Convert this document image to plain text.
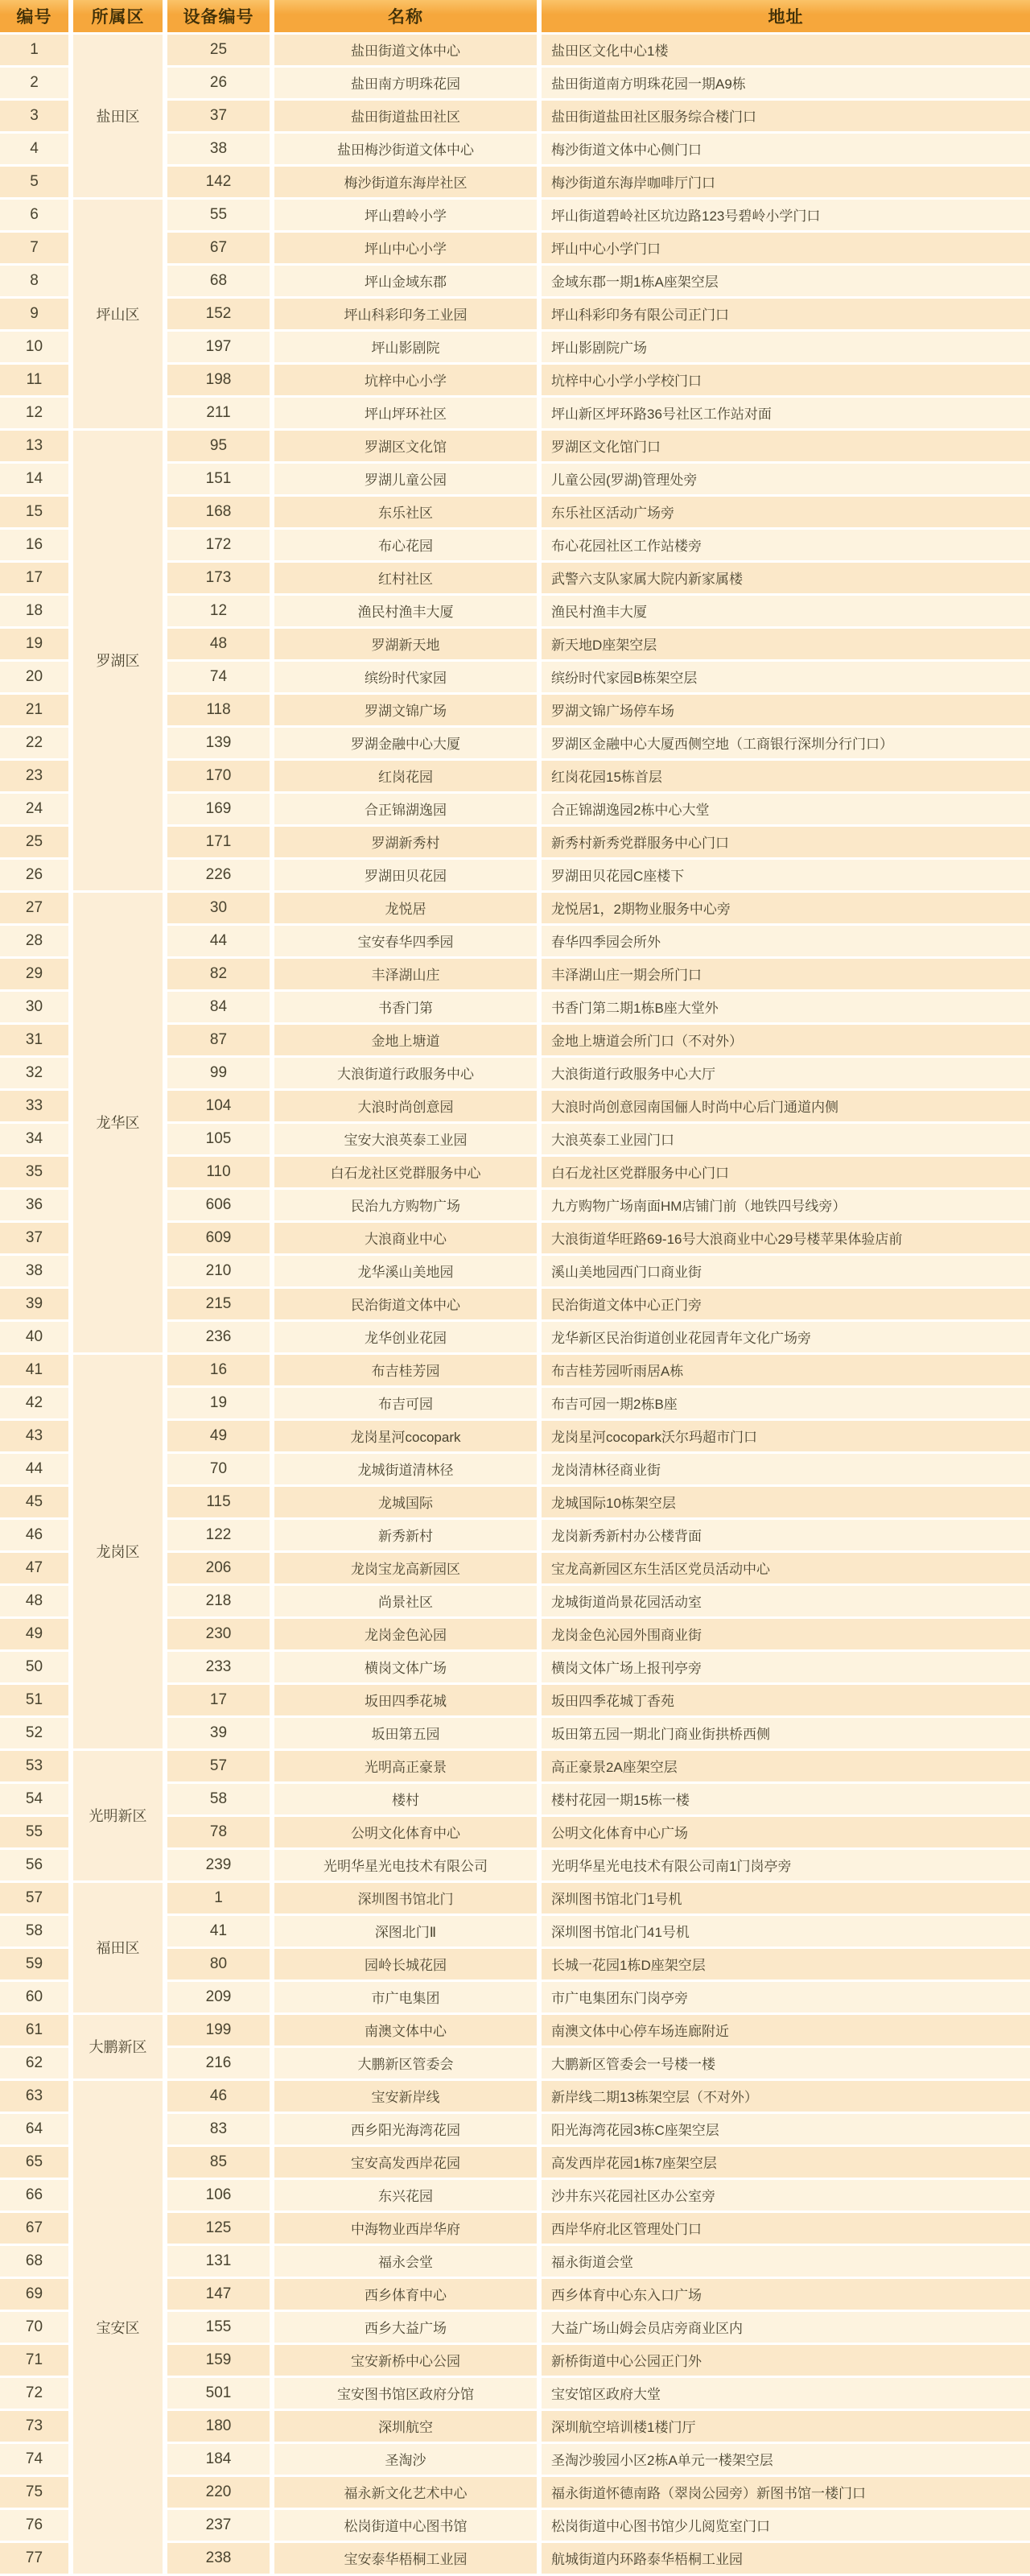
编号	所属区	设备编号	名称	地址
1	盐田区	25	盐田街道文体中心	盐田区文化中心1楼
2		26	盐田南方明珠花园	盐田街道南方明珠花园一期A9栋
3		37	盐田街道盐田社区	盐田街道盐田社区服务综合楼门口
4		38	盐田梅沙街道文体中心	梅沙街道文体中心侧门口
5		142	梅沙街道东海岸社区	梅沙街道东海岸咖啡厅门口
6	坪山区	55	坪山碧岭小学	坪山街道碧岭社区坑边路123号碧岭小学门口
7		67	坪山中心小学	坪山中心小学门口
8		68	坪山金域东郡	金域东郡一期1栋A座架空层
9		152	坪山科彩印务工业园	坪山科彩印务有限公司正门口
10		197	坪山影剧院	坪山影剧院广场
11		198	坑梓中心小学	坑梓中心小学小学校门口
12		211	坪山坪环社区	坪山新区坪环路36号社区工作站对面
13	罗湖区	95	罗湖区文化馆	罗湖区文化馆门口
14		151	罗湖儿童公园	儿童公园(罗湖)管理处旁
15		168	东乐社区	东乐社区活动广场旁
16		172	布心花园	布心花园社区工作站楼旁
17		173	红村社区	武警六支队家属大院内新家属楼
18		12	渔民村渔丰大厦	渔民村渔丰大厦
19		48	罗湖新天地	新天地D座架空层
20		74	缤纷时代家园	缤纷时代家园B栋架空层
21		118	罗湖文锦广场	罗湖文锦广场停车场
22		139	罗湖金融中心大厦	罗湖区金融中心大厦西侧空地（工商银行深圳分行门口）
23		170	红岗花园	红岗花园15栋首层
24		169	合正锦湖逸园	合正锦湖逸园2栋中心大堂
25		171	罗湖新秀村	新秀村新秀党群服务中心门口
26		226	罗湖田贝花园	罗湖田贝花园C座楼下
27	龙华区	30	龙悦居	龙悦居1，2期物业服务中心旁
28		44	宝安春华四季园	春华四季园会所外
29		82	丰泽湖山庄	丰泽湖山庄一期会所门口
30		84	书香门第	书香门第二期1栋B座大堂外
31		87	金地上塘道	金地上塘道会所门口（不对外）
32		99	大浪街道行政服务中心	大浪街道行政服务中心大厅
33		104	大浪时尚创意园	大浪时尚创意园南国俪人时尚中心后门通道内侧
34		105	宝安大浪英泰工业园	大浪英泰工业园门口
35		110	白石龙社区党群服务中心	白石龙社区党群服务中心门口
36		606	民治九方购物广场	九方购物广场南面HM店铺门前（地铁四号线旁）
37		609	大浪商业中心	大浪街道华旺路69-16号大浪商业中心29号楼苹果体验店前
38		210	龙华溪山美地园	溪山美地园西门口商业街
39		215	民治街道文体中心	民治街道文体中心正门旁
40		236	龙华创业花园	龙华新区民治街道创业花园青年文化广场旁
41	龙岗区	16	布吉桂芳园	布吉桂芳园听雨居A栋
42		19	布吉可园	布吉可园一期2栋B座
43		49	龙岗星河cocopark	龙岗星河cocopark沃尔玛超市门口
44		70	龙城街道清林径	龙岗清林径商业街
45		115	龙城国际	龙城国际10栋架空层
46		122	新秀新村	龙岗新秀新村办公楼背面
47		206	龙岗宝龙高新园区	宝龙高新园区东生活区党员活动中心
48		218	尚景社区	龙城街道尚景花园活动室
49		230	龙岗金色沁园	龙岗金色沁园外围商业街
50		233	横岗文体广场	横岗文体广场上报刊亭旁
51		17	坂田四季花城	坂田四季花城丁香苑
52		39	坂田第五园	坂田第五园一期北门商业街拱桥西侧
53	光明新区	57	光明高正豪景	高正豪景2A座架空层
54		58	楼村	楼村花园一期15栋一楼
55		78	公明文化体育中心	公明文化体育中心广场
56		239	光明华星光电技术有限公司	光明华星光电技术有限公司南1门岗亭旁
57	福田区	1	深圳图书馆北门	深圳图书馆北门1号机
58		41	深图北门Ⅱ	深圳图书馆北门41号机
59		80	园岭长城花园	长城一花园1栋D座架空层
60		209	市广电集团	市广电集团东门岗亭旁
61	大鹏新区	199	南澳文体中心	南澳文体中心停车场连廊附近
62		216	大鹏新区管委会	大鹏新区管委会一号楼一楼
63	宝安区	46	宝安新岸线	新岸线二期13栋架空层（不对外）
64		83	西乡阳光海湾花园	阳光海湾花园3栋C座架空层
65		85	宝安高发西岸花园	高发西岸花园1栋7座架空层
66		106	东兴花园	沙井东兴花园社区办公室旁
67		125	中海物业西岸华府	西岸华府北区管理处门口
68		131	福永会堂	福永街道会堂
69		147	西乡体育中心	西乡体育中心东入口广场
70		155	西乡大益广场	大益广场山姆会员店旁商业区内
71		159	宝安新桥中心公园	新桥街道中心公园正门外
72		501	宝安图书馆区政府分馆	宝安馆区政府大堂
73		180	深圳航空	深圳航空培训楼1楼门厅
74		184	圣淘沙	圣淘沙骏园小区2栋A单元一楼架空层
75		220	福永新文化艺术中心	福永街道怀德南路（翠岗公园旁）新图书馆一楼门口
76		237	松岗街道中心图书馆	松岗街道中心图书馆少儿阅览室门口
77		238	宝安泰华梧桐工业园	航城街道内环路泰华梧桐工业园
